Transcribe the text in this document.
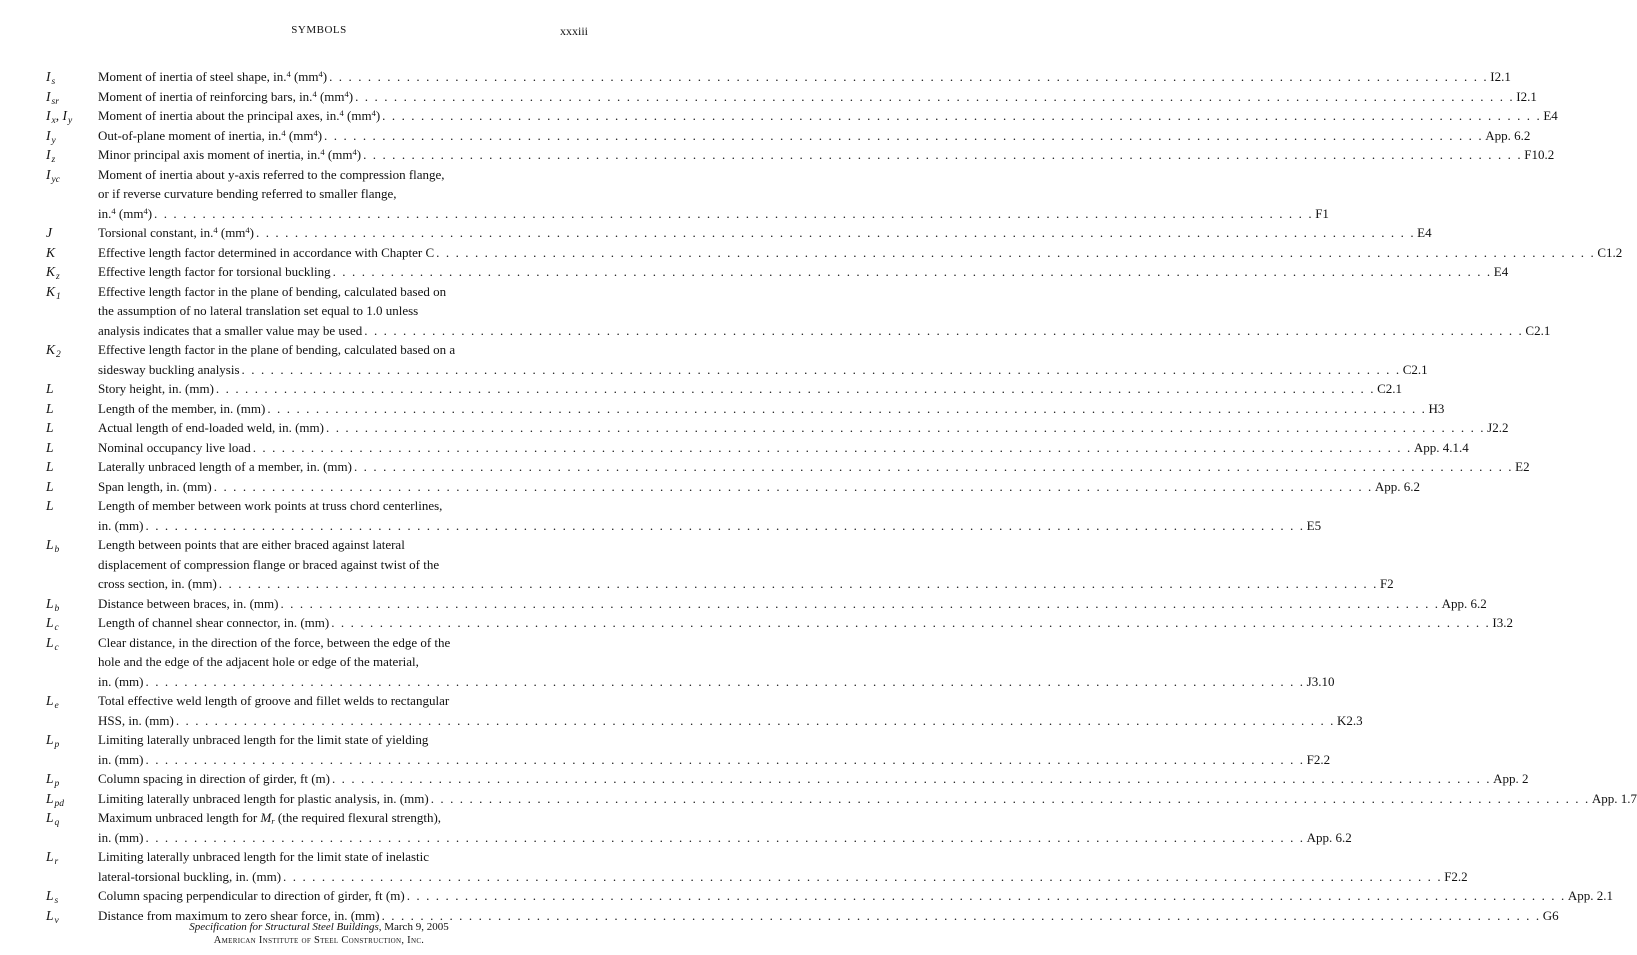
SYMBOLS	xxxiii
$I_s$	Moment of inertia of steel shape, in.$^4$ $(mm^4)$ . . . . . . . . . . . . . . . . . . . . . . . . . . . . . . . . . . . . . . . . . . . . . . . . . . . . . . . . . . . . . . . . . . . . . . . . . . . . . . . . . . . . . . . . . . . . . . . . . . . . . . . . . . . . . . . . . . . . . . . . I2.1
$I_{sr}$	Moment of inertia of reinforcing bars, in.$^4$ $(mm^4)$ . . . . . . . . . . . . . . . . . . . . . . . . . . . . . . . . . . . . . . . . . . . . . . . . . . . . . . . . . . . . . . . . . . . . . . . . . . . . . . . . . . . . . . . . . . . . . . . . . . . . . . . . . . . . . . . . . . . . . . . . I2.1
$I_x$, $I_y$	Moment of inertia about the principal axes, in.$^4$ $(mm^4)$ . . . . . . . . . . . . . . . . . . . . . . . . . . . . . . . . . . . . . . . . . . . . . . . . . . . . . . . . . . . . . . . . . . . . . . . . . . . . . . . . . . . . . . . . . . . . . . . . . . . . . . . . . . . . . . . . . . . . . . . . E4
$I_y$	Out-of-plane moment of inertia, in.$^4$ $(mm^4)$ . . . . . . . . . . . . . . . . . . . . . . . . . . . . . . . . . . . . . . . . . . . . . . . . . . . . . . . . . . . . . . . . . . . . . . . . . . . . . . . . . . . . . . . . . . . . . . . . . . . . . . . . . . . . . . . . . . . . . . . . App. 6.2
$I_z$	Minor principal axis moment of inertia, in.$^4$ $(mm^4)$ . . . . . . . . . . . . . . . . . . . . . . . . . . . . . . . . . . . . . . . . . . . . . . . . . . . . . . . . . . . . . . . . . . . . . . . . . . . . . . . . . . . . . . . . . . . . . . . . . . . . . . . . . . . . . . . . . . . . . . . . F10.2
$I_{yc}$	Moment of inertia about y-axis referred to the compression flange,
or if reverse curvature bending referred to smaller flange,
in.$^4$ $(mm^4)$ . . . . . . . . . . . . . . . . . . . . . . . . . . . . . . . . . . . . . . . . . . . . . . . . . . . . . . . . . . . . . . . . . . . . . . . . . . . . . . . . . . . . . . . . . . . . . . . . . . . . . . . . . . . . . . . . . . . . . . . . F1
J	Torsional constant, in.$^4$ $(mm^4)$ . . . . . . . . . . . . . . . . . . . . . . . . . . . . . . . . . . . . . . . . . . . . . . . . . . . . . . . . . . . . . . . . . . . . . . . . . . . . . . . . . . . . . . . . . . . . . . . . . . . . . . . . . . . . . . . . . . . . . . . . E4
K	Effective length factor determined in accordance with Chapter C . . . . . . . . . . . . . . . . . . . . . . . . . . . . . . . . . . . . . . . . . . . . . . . . . . . . . . . . . . . . . . . . . . . . . . . . . . . . . . . . . . . . . . . . . . . . . . . . . . . . . . . . . . . . . . . . . . . . . . . . C1.2
$K_z$	Effective length factor for torsional buckling . . . . . . . . . . . . . . . . . . . . . . . . . . . . . . . . . . . . . . . . . . . . . . . . . . . . . . . . . . . . . . . . . . . . . . . . . . . . . . . . . . . . . . . . . . . . . . . . . . . . . . . . . . . . . . . . . . . . . . . . E4
$K_1$	Effective length factor in the plane of bending, calculated based on
the assumption of no lateral translation set equal to 1.0 unless
analysis indicates that a smaller value may be used . . . . . . . . . . . . . . . . . . . . . . . . . . . . . . . . . . . . . . . . . . . . . . . . . . . . . . . . . . . . . . . . . . . . . . . . . . . . . . . . . . . . . . . . . . . . . . . . . . . . . . . . . . . . . . . . . . . . . . . . C2.1
$K_2$	Effective length factor in the plane of bending, calculated based on a
sidesway buckling analysis . . . . . . . . . . . . . . . . . . . . . . . . . . . . . . . . . . . . . . . . . . . . . . . . . . . . . . . . . . . . . . . . . . . . . . . . . . . . . . . . . . . . . . . . . . . . . . . . . . . . . . . . . . . . . . . . . . . . . . . . C2.1
L	Story height, in. (mm) . . . . . . . . . . . . . . . . . . . . . . . . . . . . . . . . . . . . . . . . . . . . . . . . . . . . . . . . . . . . . . . . . . . . . . . . . . . . . . . . . . . . . . . . . . . . . . . . . . . . . . . . . . . . . . . . . . . . . . . . C2.1
L	Length of the member, in. (mm) . . . . . . . . . . . . . . . . . . . . . . . . . . . . . . . . . . . . . . . . . . . . . . . . . . . . . . . . . . . . . . . . . . . . . . . . . . . . . . . . . . . . . . . . . . . . . . . . . . . . . . . . . . . . . . . . . . . . . . . . H3
L	Actual length of end-loaded weld, in. (mm) . . . . . . . . . . . . . . . . . . . . . . . . . . . . . . . . . . . . . . . . . . . . . . . . . . . . . . . . . . . . . . . . . . . . . . . . . . . . . . . . . . . . . . . . . . . . . . . . . . . . . . . . . . . . . . . . . . . . . . . . J2.2
L	Nominal occupancy live load . . . . . . . . . . . . . . . . . . . . . . . . . . . . . . . . . . . . . . . . . . . . . . . . . . . . . . . . . . . . . . . . . . . . . . . . . . . . . . . . . . . . . . . . . . . . . . . . . . . . . . . . . . . . . . . . . . . . . . . . App. 4.1.4
L	Laterally unbraced length of a member, in. (mm) . . . . . . . . . . . . . . . . . . . . . . . . . . . . . . . . . . . . . . . . . . . . . . . . . . . . . . . . . . . . . . . . . . . . . . . . . . . . . . . . . . . . . . . . . . . . . . . . . . . . . . . . . . . . . . . . . . . . . . . . E2
L	Span length, in. (mm) . . . . . . . . . . . . . . . . . . . . . . . . . . . . . . . . . . . . . . . . . . . . . . . . . . . . . . . . . . . . . . . . . . . . . . . . . . . . . . . . . . . . . . . . . . . . . . . . . . . . . . . . . . . . . . . . . . . . . . . . App. 6.2
L	Length of member between work points at truss chord centerlines,
in. (mm) . . . . . . . . . . . . . . . . . . . . . . . . . . . . . . . . . . . . . . . . . . . . . . . . . . . . . . . . . . . . . . . . . . . . . . . . . . . . . . . . . . . . . . . . . . . . . . . . . . . . . . . . . . . . . . . . . . . . . . . . E5
$L_b$	Length between points that are either braced against lateral
displacement of compression flange or braced against twist of the
cross section, in. (mm) . . . . . . . . . . . . . . . . . . . . . . . . . . . . . . . . . . . . . . . . . . . . . . . . . . . . . . . . . . . . . . . . . . . . . . . . . . . . . . . . . . . . . . . . . . . . . . . . . . . . . . . . . . . . . . . . . . . . . . . . F2
$L_b$	Distance between braces, in. (mm) . . . . . . . . . . . . . . . . . . . . . . . . . . . . . . . . . . . . . . . . . . . . . . . . . . . . . . . . . . . . . . . . . . . . . . . . . . . . . . . . . . . . . . . . . . . . . . . . . . . . . . . . . . . . . . . . . . . . . . . . App. 6.2
$L_c$	Length of channel shear connector, in. (mm) . . . . . . . . . . . . . . . . . . . . . . . . . . . . . . . . . . . . . . . . . . . . . . . . . . . . . . . . . . . . . . . . . . . . . . . . . . . . . . . . . . . . . . . . . . . . . . . . . . . . . . . . . . . . . . . . . . . . . . . . I3.2
$L_c$	Clear distance, in the direction of the force, between the edge of the
hole and the edge of the adjacent hole or edge of the material,
in. (mm) . . . . . . . . . . . . . . . . . . . . . . . . . . . . . . . . . . . . . . . . . . . . . . . . . . . . . . . . . . . . . . . . . . . . . . . . . . . . . . . . . . . . . . . . . . . . . . . . . . . . . . . . . . . . . . . . . . . . . . . . J3.10
$L_e$	Total effective weld length of groove and fillet welds to rectangular
HSS, in. (mm) . . . . . . . . . . . . . . . . . . . . . . . . . . . . . . . . . . . . . . . . . . . . . . . . . . . . . . . . . . . . . . . . . . . . . . . . . . . . . . . . . . . . . . . . . . . . . . . . . . . . . . . . . . . . . . . . . . . . . . . . K2.3
$L_p$	Limiting laterally unbraced length for the limit state of yielding
in. (mm) . . . . . . . . . . . . . . . . . . . . . . . . . . . . . . . . . . . . . . . . . . . . . . . . . . . . . . . . . . . . . . . . . . . . . . . . . . . . . . . . . . . . . . . . . . . . . . . . . . . . . . . . . . . . . . . . . . . . . . . . F2.2
$L_p$	Column spacing in direction of girder, ft (m) . . . . . . . . . . . . . . . . . . . . . . . . . . . . . . . . . . . . . . . . . . . . . . . . . . . . . . . . . . . . . . . . . . . . . . . . . . . . . . . . . . . . . . . . . . . . . . . . . . . . . . . . . . . . . . . . . . . . . . . . App. 2
$L_{pd}$	Limiting laterally unbraced length for plastic analysis, in. (mm) . . . . . . . . . . . . . . . . . . . . . . . . . . . . . . . . . . . . . . . . . . . . . . . . . . . . . . . . . . . . . . . . . . . . . . . . . . . . . . . . . . . . . . . . . . . . . . . . . . . . . . . . . . . . . . . . . . . . . . . . App. 1.7
$L_q$	Maximum unbraced length for $M_r$ (the required flexural strength),
in. (mm) . . . . . . . . . . . . . . . . . . . . . . . . . . . . . . . . . . . . . . . . . . . . . . . . . . . . . . . . . . . . . . . . . . . . . . . . . . . . . . . . . . . . . . . . . . . . . . . . . . . . . . . . . . . . . . . . . . . . . . . . App. 6.2
$L_r$	Limiting laterally unbraced length for the limit state of inelastic
lateral-torsional buckling, in. (mm) . . . . . . . . . . . . . . . . . . . . . . . . . . . . . . . . . . . . . . . . . . . . . . . . . . . . . . . . . . . . . . . . . . . . . . . . . . . . . . . . . . . . . . . . . . . . . . . . . . . . . . . . . . . . . . . . . . . . . . . . F2.2
$L_s$	Column spacing perpendicular to direction of girder, ft (m) . . . . . . . . . . . . . . . . . . . . . . . . . . . . . . . . . . . . . . . . . . . . . . . . . . . . . . . . . . . . . . . . . . . . . . . . . . . . . . . . . . . . . . . . . . . . . . . . . . . . . . . . . . . . . . . . . . . . . . . . App. 2.1
$L_v$	Distance from maximum to zero shear force, in. (mm) . . . . . . . . . . . . . . . . . . . . . . . . . . . . . . . . . . . . . . . . . . . . . . . . . . . . . . . . . . . . . . . . . . . . . . . . . . . . . . . . . . . . . . . . . . . . . . . . . . . . . . . . . . . . . . . . . . . . . . . . G6
Specification for Structural Steel Buildings, March 9, 2005
American Institute of Steel Construction, Inc.
